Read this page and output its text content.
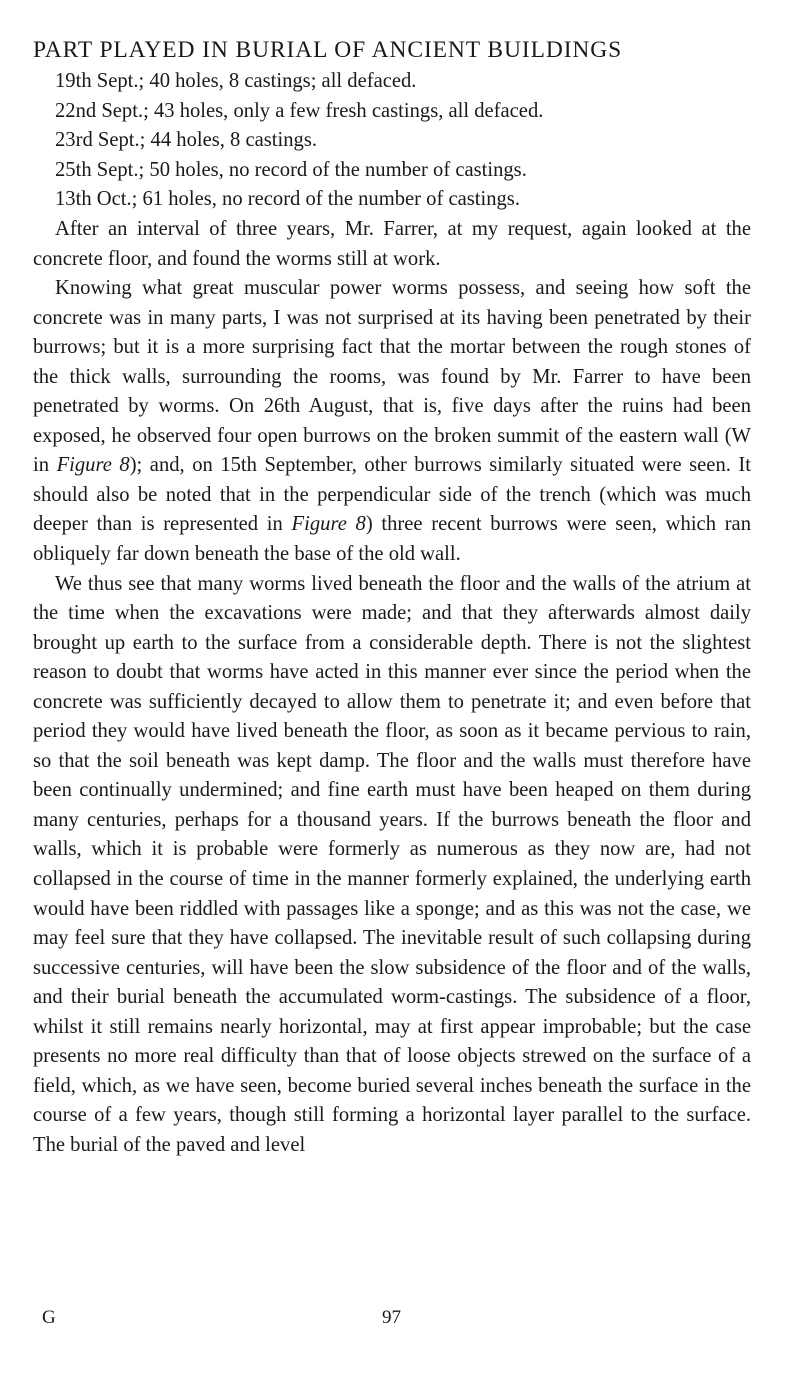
PART PLAYED IN BURIAL OF ANCIENT BUILDINGS
19th Sept.; 40 holes, 8 castings; all defaced.
22nd Sept.; 43 holes, only a few fresh castings, all defaced.
23rd Sept.; 44 holes, 8 castings.
25th Sept.; 50 holes, no record of the number of castings.
13th Oct.; 61 holes, no record of the number of castings.

After an interval of three years, Mr. Farrer, at my request, again looked at the concrete floor, and found the worms still at work.

Knowing what great muscular power worms possess, and seeing how soft the concrete was in many parts, I was not surprised at its having been penetrated by their burrows; but it is a more surprising fact that the mortar between the rough stones of the thick walls, surrounding the rooms, was found by Mr. Farrer to have been penetrated by worms. On 26th August, that is, five days after the ruins had been exposed, he observed four open burrows on the broken summit of the eastern wall (W in Figure 8); and, on 15th September, other burrows similarly situated were seen. It should also be noted that in the perpendicular side of the trench (which was much deeper than is represented in Figure 8) three recent burrows were seen, which ran obliquely far down beneath the base of the old wall.

We thus see that many worms lived beneath the floor and the walls of the atrium at the time when the excavations were made; and that they afterwards almost daily brought up earth to the surface from a considerable depth. There is not the slightest reason to doubt that worms have acted in this manner ever since the period when the concrete was sufficiently decayed to allow them to penetrate it; and even before that period they would have lived beneath the floor, as soon as it became pervious to rain, so that the soil beneath was kept damp. The floor and the walls must therefore have been continually undermined; and fine earth must have been heaped on them during many centuries, perhaps for a thousand years. If the burrows beneath the floor and walls, which it is probable were formerly as numerous as they now are, had not collapsed in the course of time in the manner formerly explained, the underlying earth would have been riddled with passages like a sponge; and as this was not the case, we may feel sure that they have collapsed. The inevitable result of such collapsing during successive centuries, will have been the slow subsidence of the floor and of the walls, and their burial beneath the accumulated worm-castings. The subsidence of a floor, whilst it still remains nearly horizontal, may at first appear improbable; but the case presents no more real difficulty than that of loose objects strewed on the surface of a field, which, as we have seen, become buried several inches beneath the surface in the course of a few years, though still forming a horizontal layer parallel to the surface. The burial of the paved and level

G	97
